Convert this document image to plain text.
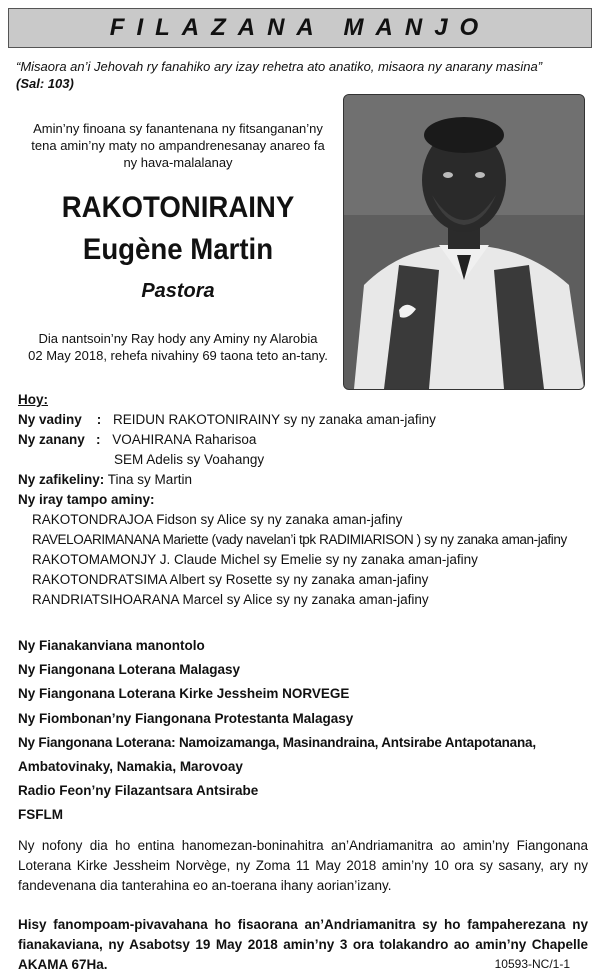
FILAZANA MANJO
“Misaora an’i Jehovah ry fanahiko ary izay rehetra ato anatiko, misaora ny anarany masina”
(Sal: 103)
Amin’ny finoana sy fanantenana ny fitsanganan’ny
tena amin’ny maty no ampandrenesanay anareo fa
ny hava-malalanay
RAKOTONIRAINY
Eugène Martin
Pastora
Dia nantsoin’ny Ray hody any Aminy ny Alarobia
02 May 2018, rehefa nivahiny 69 taona teto an-tany.
Hoy:
Ny vadiny    : REIDUN RAKOTONIRAINY sy ny zanaka aman-jafiny
Ny zanany   : VOAHIRANA Raharisoa
SEM Adelis sy Voahangy
Ny zafikeliny: Tina sy Martin
Ny iray tampo aminy:
RAKOTONDRAJOA Fidson sy Alice sy ny zanaka aman-jafiny
RAVELOARIMANANA Mariette (vady navelan’i tpk RADIMIARISON ) sy ny zanaka aman-jafiny
RAKOTOMAMONJY J. Claude Michel sy Emelie sy ny zanaka aman-jafiny
RAKOTONDRATSIMA Albert sy Rosette sy ny zanaka aman-jafiny
RANDRIATSIHOARANA Marcel sy Alice sy ny zanaka aman-jafiny
Ny Fianakanviana manontolo
Ny Fiangonana Loterana Malagasy
Ny Fiangonana Loterana Kirke Jessheim NORVEGE
Ny Fiombonan’ny Fiangonana Protestanta Malagasy
Ny Fiangonana Loterana: Namoizamanga, Masinandraina, Antsirabe Antapotanana,
Ambatovinaky, Namakia, Marovoay
Radio Feon’ny Filazantsara Antsirabe
FSFLM
Ny nofony dia ho entina hanomezan-boninahitra an’Andriamanitra ao amin’ny Fiangonana Loterana Kirke Jessheim Norvège, ny Zoma 11 May 2018 amin’ny 10 ora sy sasany, ary ny fandevenana dia tanterahina eo an-toerana ihany aorian’izany.
Hisy fanompoam-pivavahana ho fisaorana an’Andriamanitra sy ho fampaherezana ny fianakaviana, ny Asabotsy 19 May 2018 amin’ny 3 ora tolakandro ao amin’ny Chapelle AKAMA 67Ha.	10593-NC/1-1
